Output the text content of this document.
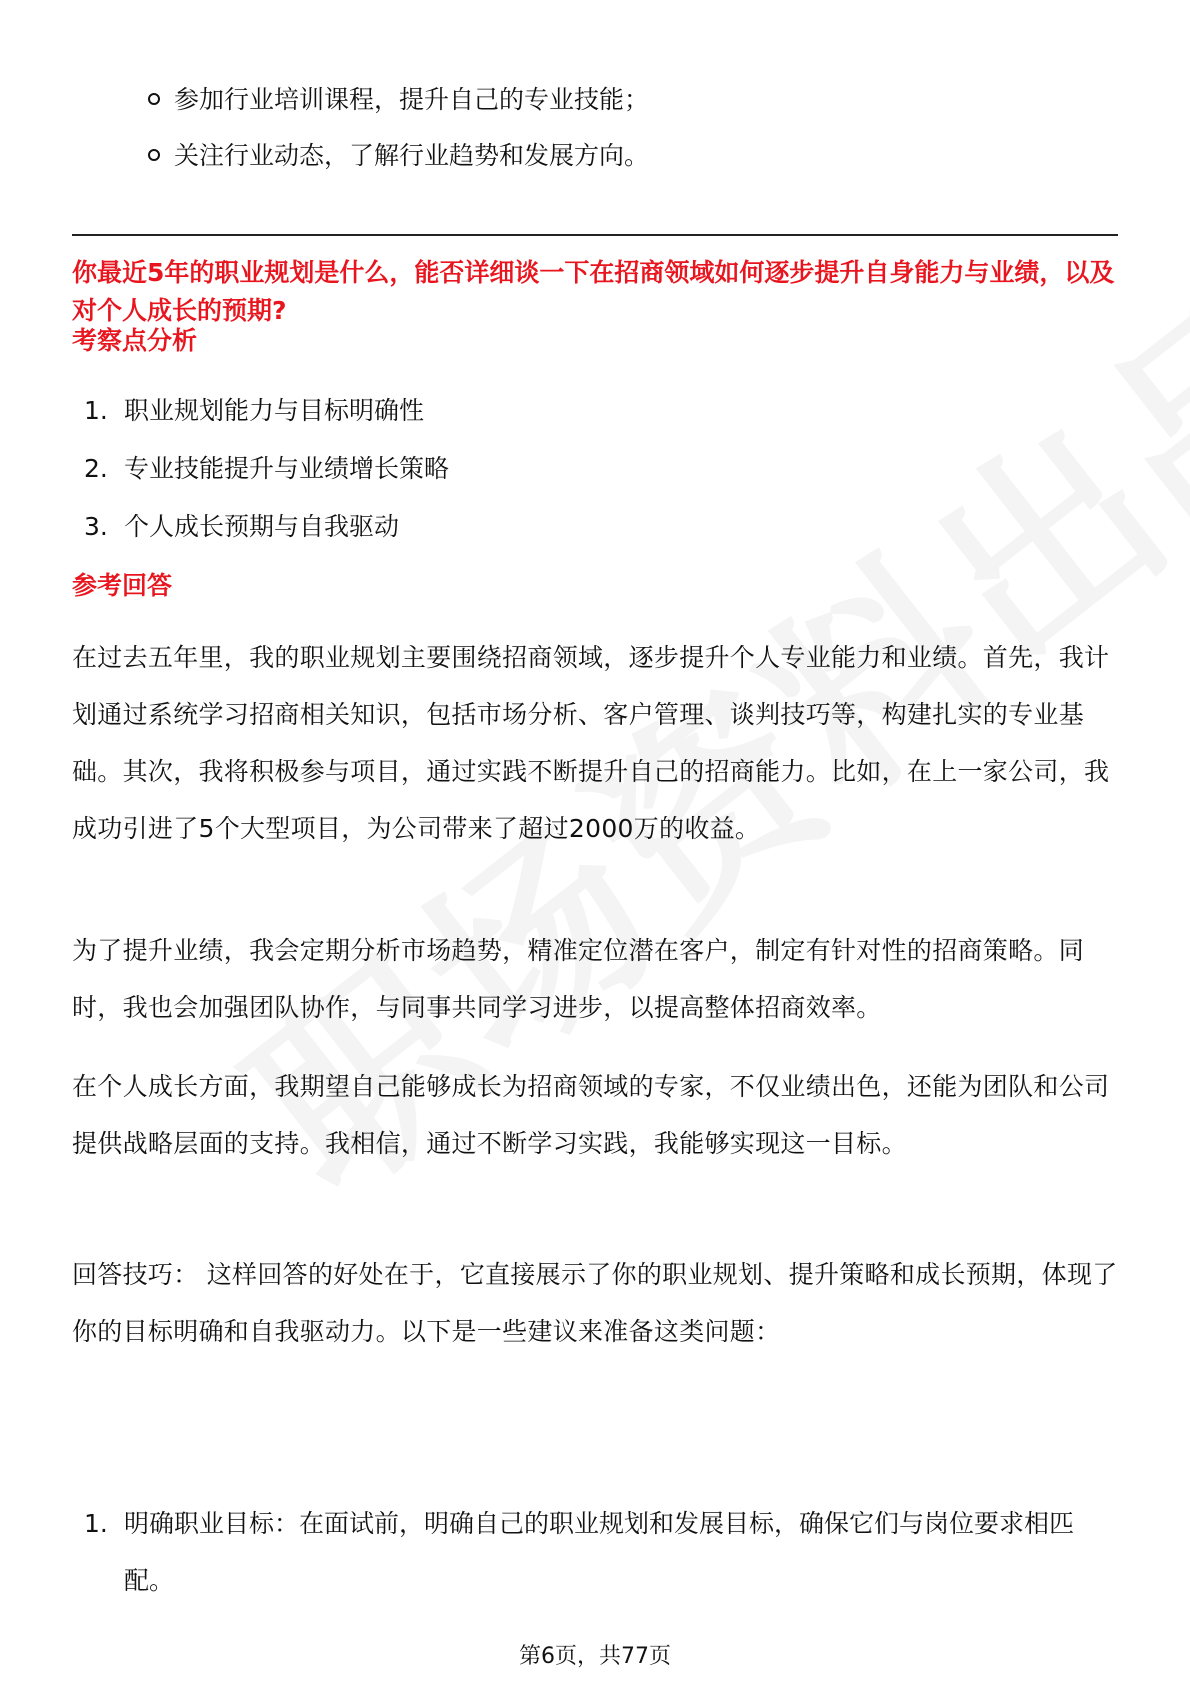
参加行业培训课程，提升自己的专业技能；
关注行业动态，了解行业趋势和发展方向。

你最近5年的职业规划是什么，能否详细谈一下在招商领域如何逐步提升自身能力与业绩，以及对个人成长的预期?

考察点分析
1. 职业规划能力与目标明确性
2. 专业技能提升与业绩增长策略
3. 个人成长预期与自我驱动
参考回答

在过去五年里，我的职业规划主要围绕招商领域，逐步提升个人专业能力和业绩。首先，我计划通过系统学习招商相关知识，包括市场分析、客户管理、谈判技巧等，构建扎实的专业基础。其次，我将积极参与项目，通过实践不断提升自己的招商能力。比如，在上一家公司，我成功引进了5个大型项目，为公司带来了超过2000万的收益。

为了提升业绩，我会定期分析市场趋势，精准定位潜在客户，制定有针对性的招商策略。同时，我也会加强团队协作，与同事共同学习进步，以提高整体招商效率。

在个人成长方面，我期望自己能够成长为招商领域的专家，不仅业绩出色，还能为团队和公司提供战略层面的支持。我相信，通过不断学习实践，我能够实现这一目标。

回答技巧： 这样回答的好处在于，它直接展示了你的职业规划、提升策略和成长预期，体现了你的目标明确和自我驱动力。以下是一些建议来准备这类问题：

1. 明确职业目标：在面试前，明确自己的职业规划和发展目标，确保它们与岗位要求相匹配。
第6页，共77页
